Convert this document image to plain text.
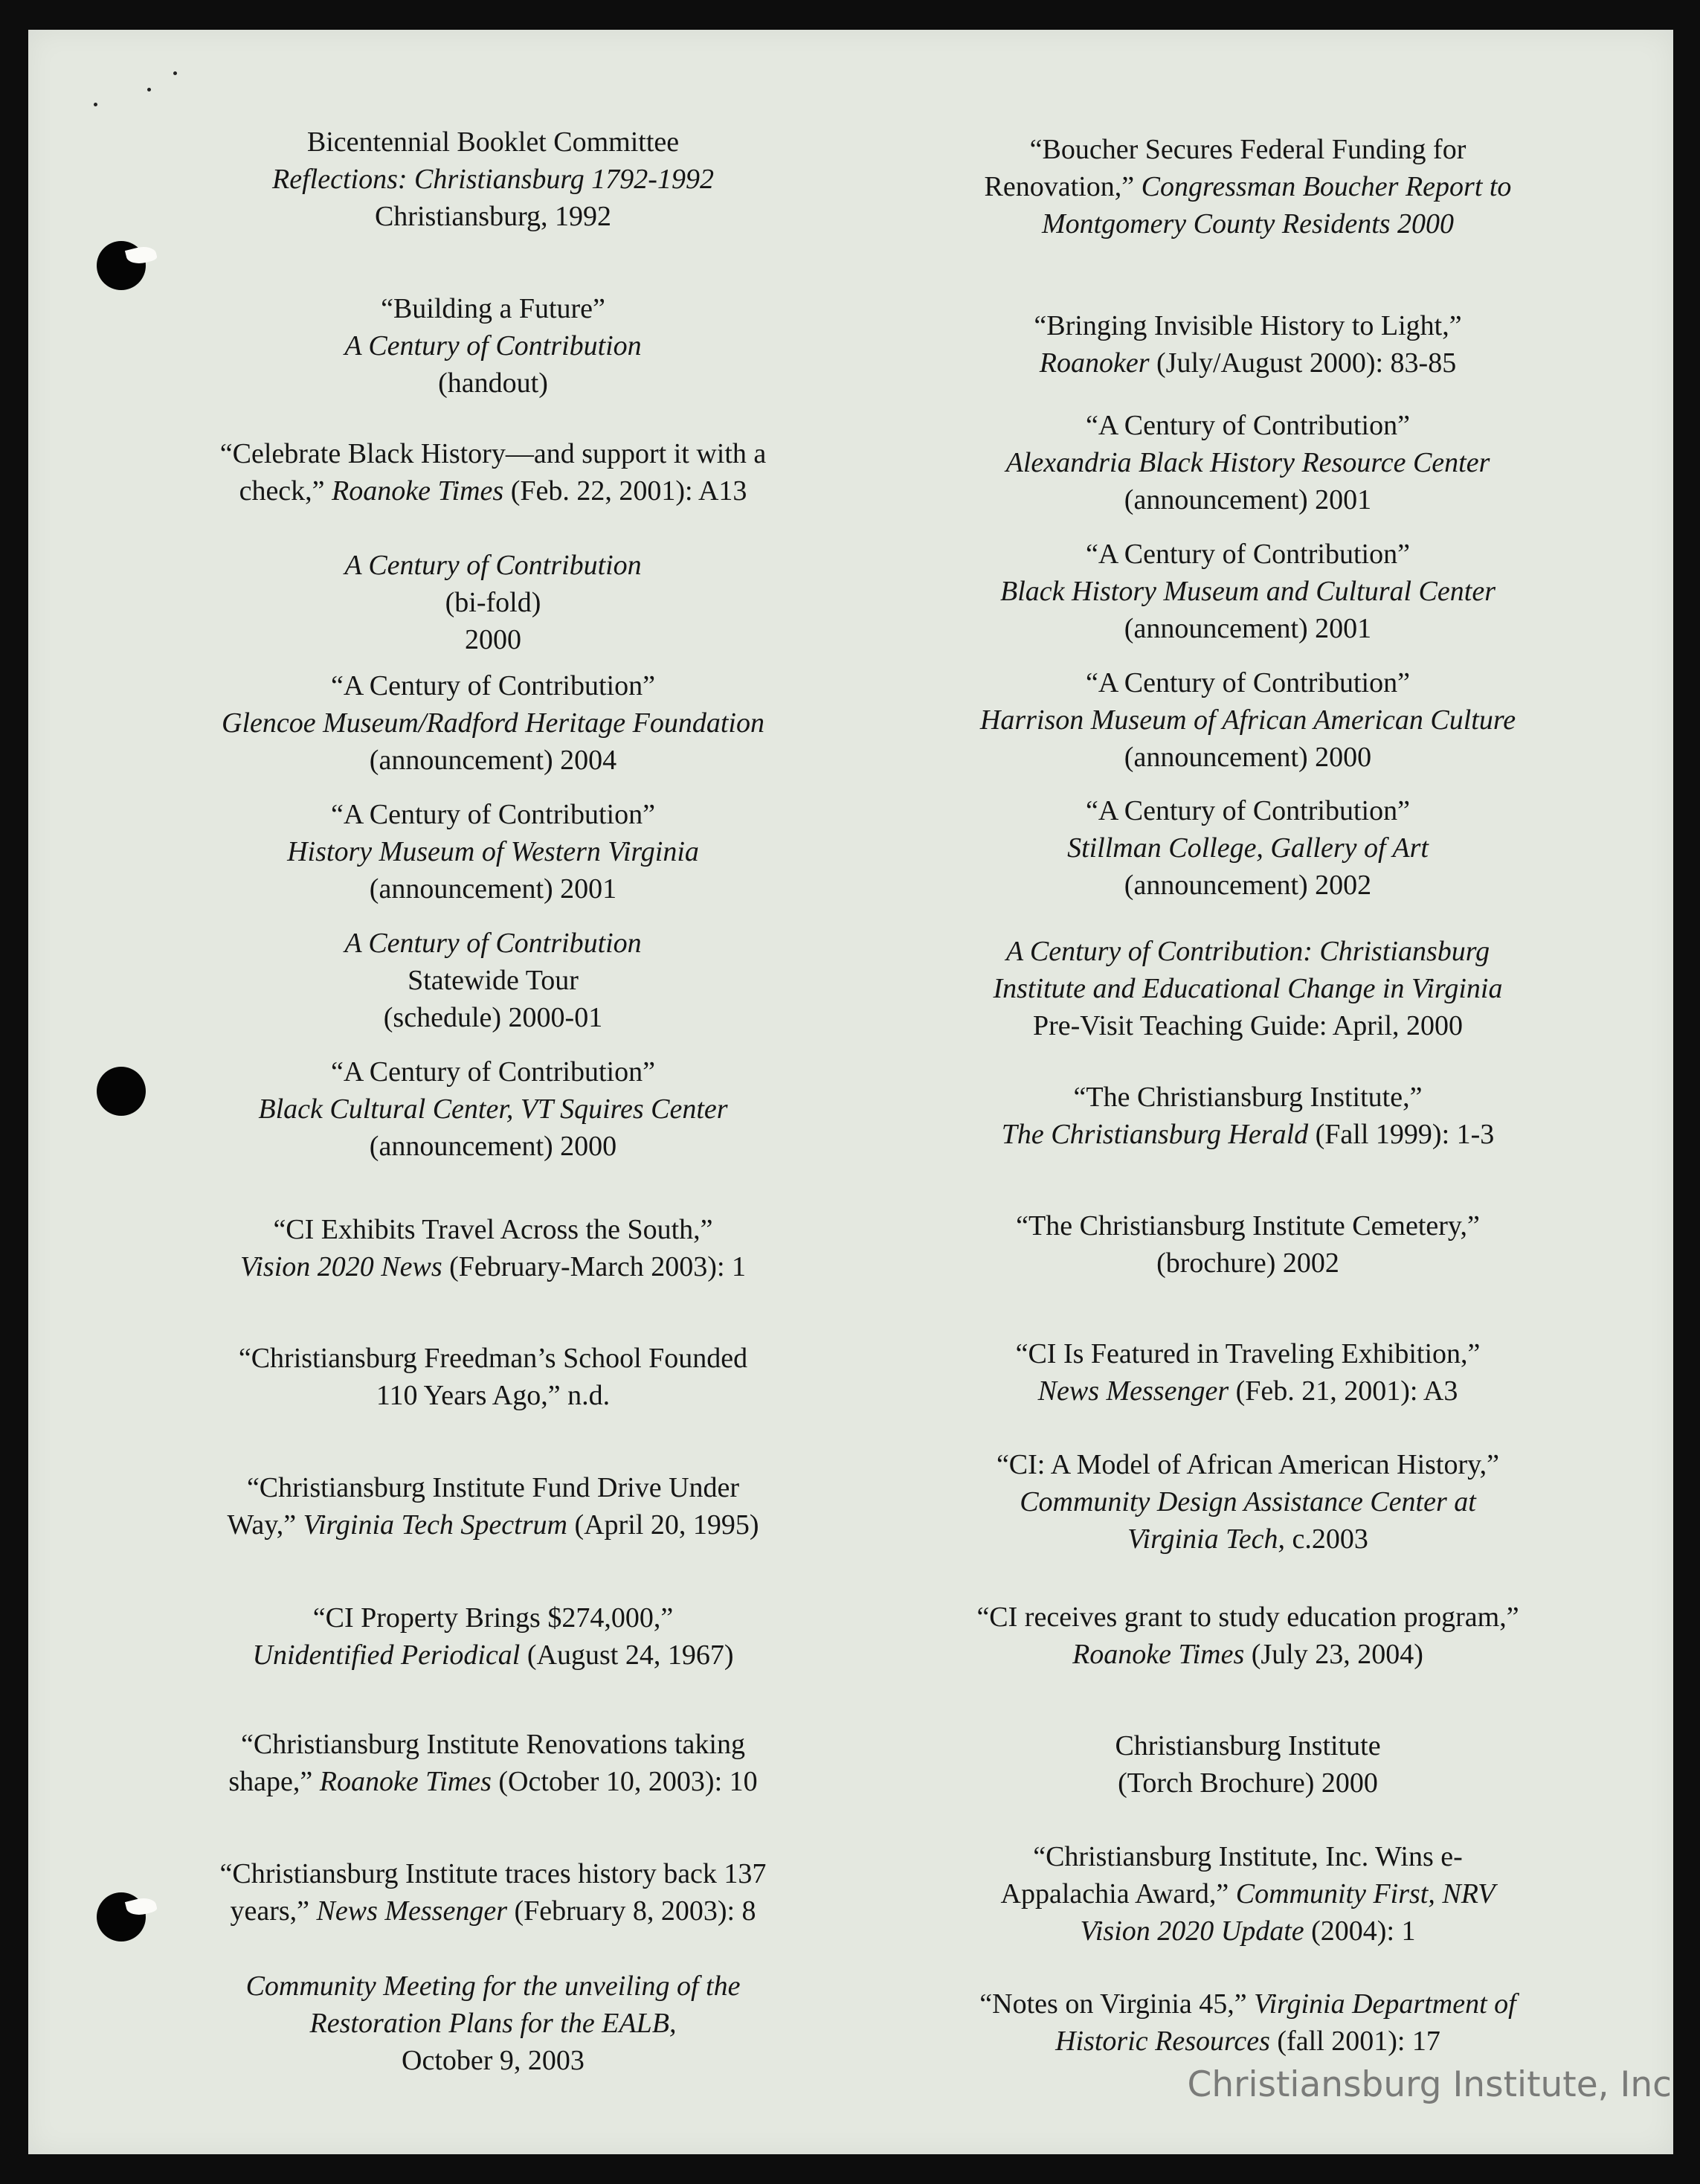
Bicentennial Booklet Committee
Reflections: Christiansburg 1792-1992
Christiansburg, 1992
“Building a Future”
A Century of Contribution
(handout)
“Celebrate Black History—and support it with a
check,” Roanoke Times (Feb. 22, 2001): A13
A Century of Contribution
(bi-fold)
2000
“A Century of Contribution”
Glencoe Museum/Radford Heritage Foundation
(announcement) 2004
“A Century of Contribution”
History Museum of Western Virginia
(announcement) 2001
A Century of Contribution
Statewide Tour
(schedule) 2000-01
“A Century of Contribution”
Black Cultural Center, VT Squires Center
(announcement) 2000
“CI Exhibits Travel Across the South,”
Vision 2020 News (February-March 2003): 1
“Christiansburg Freedman’s School Founded
110 Years Ago,” n.d.
“Christiansburg Institute Fund Drive Under
Way,” Virginia Tech Spectrum (April 20, 1995)
“CI Property Brings $274,000,”
Unidentified Periodical (August 24, 1967)
“Christiansburg Institute Renovations taking
shape,” Roanoke Times (October 10, 2003): 10
“Christiansburg Institute traces history back 137
years,” News Messenger (February 8, 2003): 8
Community Meeting for the unveiling of the
Restoration Plans for the EALB,
October 9, 2003
“Boucher Secures Federal Funding for
Renovation,” Congressman Boucher Report to
Montgomery County Residents 2000
“Bringing Invisible History to Light,”
Roanoker (July/August 2000): 83-85
“A Century of Contribution”
Alexandria Black History Resource Center
(announcement) 2001
“A Century of Contribution”
Black History Museum and Cultural Center
(announcement) 2001
“A Century of Contribution”
Harrison Museum of African American Culture
(announcement) 2000
“A Century of Contribution”
Stillman College, Gallery of Art
(announcement) 2002
A Century of Contribution: Christiansburg
Institute and Educational Change in Virginia
Pre-Visit Teaching Guide: April, 2000
“The Christiansburg Institute,”
The Christiansburg Herald (Fall 1999): 1-3
“The Christiansburg Institute Cemetery,”
(brochure) 2002
“CI Is Featured in Traveling Exhibition,”
News Messenger (Feb. 21, 2001): A3
“CI: A Model of African American History,”
Community Design Assistance Center at
Virginia Tech, c.2003
“CI receives grant to study education program,”
Roanoke Times (July 23, 2004)
Christiansburg Institute
(Torch Brochure) 2000
“Christiansburg Institute, Inc. Wins e-
Appalachia Award,” Community First, NRV
Vision 2020 Update (2004): 1
“Notes on Virginia 45,” Virginia Department of
Historic Resources (fall 2001): 17
Christiansburg Institute, Inc
